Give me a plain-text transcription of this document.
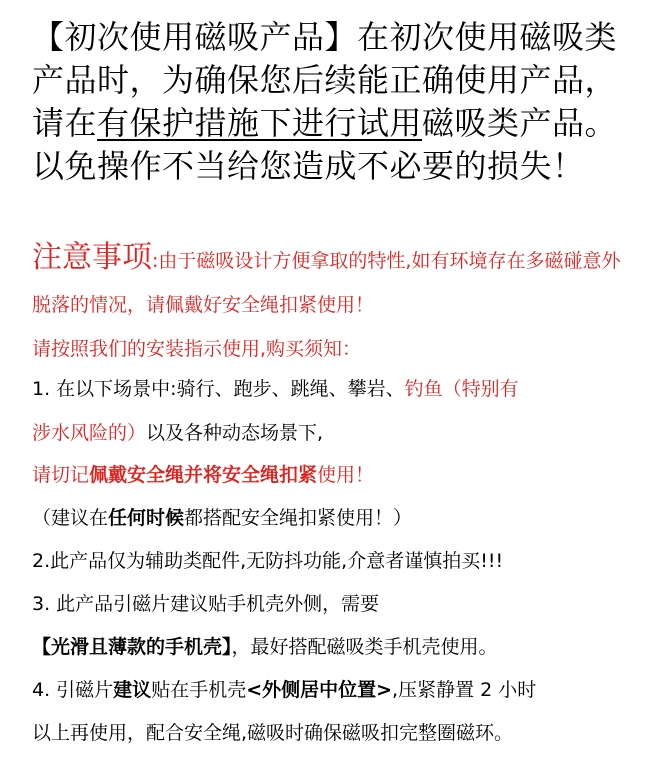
【初次使用磁吸产品】在初次使用磁吸类产品时，为确保您后续能正确使用产品，请在有保护措施下进行试用磁吸类产品。以免操作不当给您造成不必要的损失！
注意事项:由于磁吸设计方便拿取的特性,如有环境存在多磁碰意外脱落的情况，请佩戴好安全绳扣紧使用！
请按照我们的安装指示使用,购买须知：
1. 在以下场景中:骑行、跑步、跳绳、攀岩、钓鱼（特别有
涉水风险的）以及各种动态场景下,
请切记佩戴安全绳并将安全绳扣紧使用！
（建议在任何时候都搭配安全绳扣紧使用！）
2.此产品仅为辅助类配件,无防抖功能,介意者谨慎拍买!!!
3. 此产品引磁片建议贴手机壳外侧，需要
【光滑且薄款的手机壳】，最好搭配磁吸类手机壳使用。
4. 引磁片建议贴在手机壳<外侧居中位置>,压紧静置 2 小时
以上再使用，配合安全绳,磁吸时确保磁吸扣完整圈磁环。
